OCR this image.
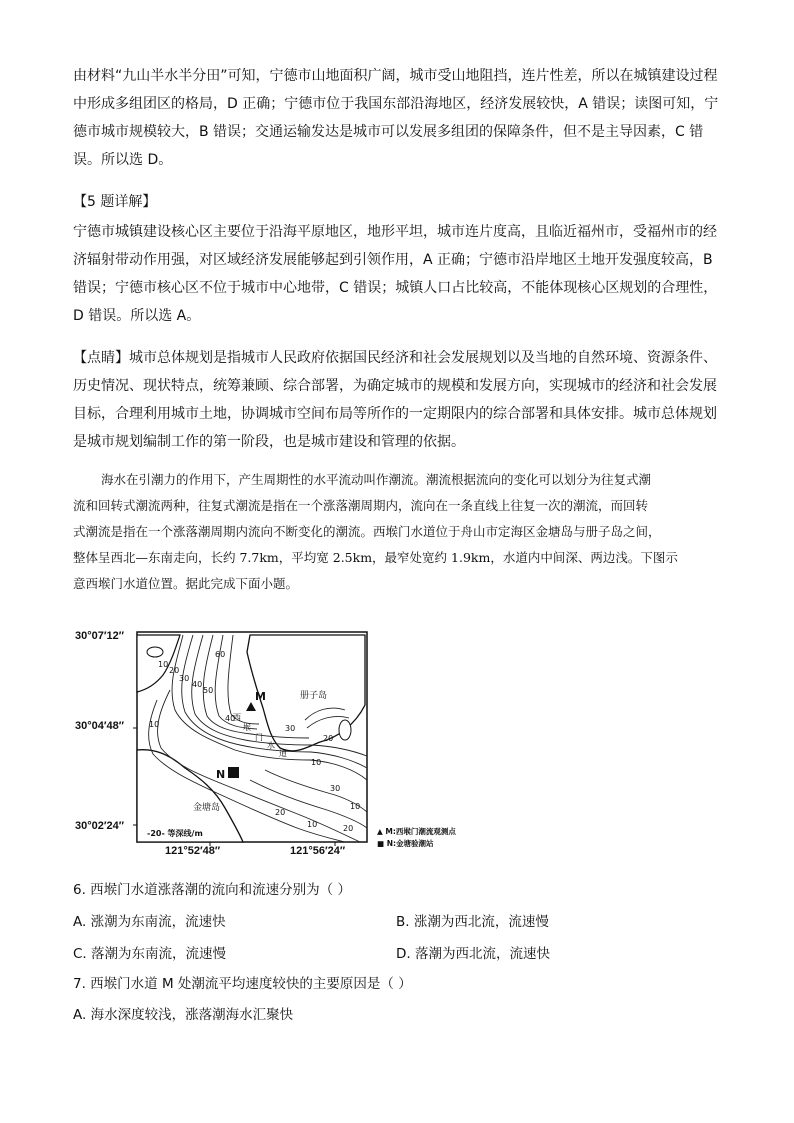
由材料“九山半水半分田”可知，宁德市山地面积广阔，城市受山地阻挡，连片性差，所以在城镇建设过程
中形成多组团区的格局，D 正确；宁德市位于我国东部沿海地区，经济发展较快，A 错误；读图可知，宁
德市城市规模较大，B 错误；交通运输发达是城市可以发展多组团的保障条件，但不是主导因素，C 错
误。所以选 D。
【5 题详解】
宁德市城镇建设核心区主要位于沿海平原地区，地形平坦，城市连片度高，且临近福州市，受福州市的经
济辐射带动作用强，对区域经济发展能够起到引领作用，A 正确；宁德市沿岸地区土地开发强度较高，B
错误；宁德市核心区不位于城市中心地带，C 错误；城镇人口占比较高，不能体现核心区规划的合理性，
D 错误。所以选 A。
【点睛】城市总体规划是指城市人民政府依据国民经济和社会发展规划以及当地的自然环境、资源条件、
历史情况、现状特点，统筹兼顾、综合部署，为确定城市的规模和发展方向，实现城市的经济和社会发展
目标，合理利用城市土地，协调城市空间布局等所作的一定期限内的综合部署和具体安排。城市总体规划
是城市规划编制工作的第一阶段，也是城市建设和管理的依据。
海水在引潮力的作用下，产生周期性的水平流动叫作潮流。潮流根据流向的变化可以划分为往复式潮
流和回转式潮流两种，往复式潮流是指在一个涨落潮周期内，流向在一条直线上往复一次的潮流，而回转
式潮流是指在一个涨落潮周期内流向不断变化的潮流。西堠门水道位于舟山市定海区金塘岛与册子岛之间，
整体呈西北—东南走向，长约 7.7km，平均宽 2.5km，最窄处宽约 1.9km，水道内中间深、两边浅。下图示
意西堠门水道位置。据此完成下面小题。
30°07′12″
30°04′48″
30°02′24″
121°52′48″	121°56′24″
10
20
30
40
50
60
40
30
20
10
10
20
30
10
10
20
M
N
册子岛
金塘岛
西
堠
门
水
道
-20- 等深线/m	▲ M:西堠门潮流观测点
■ N:金塘验潮站
6. 西堠门水道涨落潮的流向和流速分别为（ ）
A. 涨潮为东南流，流速快	B. 涨潮为西北流，流速慢
C. 落潮为东南流，流速慢	D. 落潮为西北流，流速快
7. 西堠门水道 M 处潮流平均速度较快的主要原因是（ ）
A. 海水深度较浅，涨落潮海水汇聚快
